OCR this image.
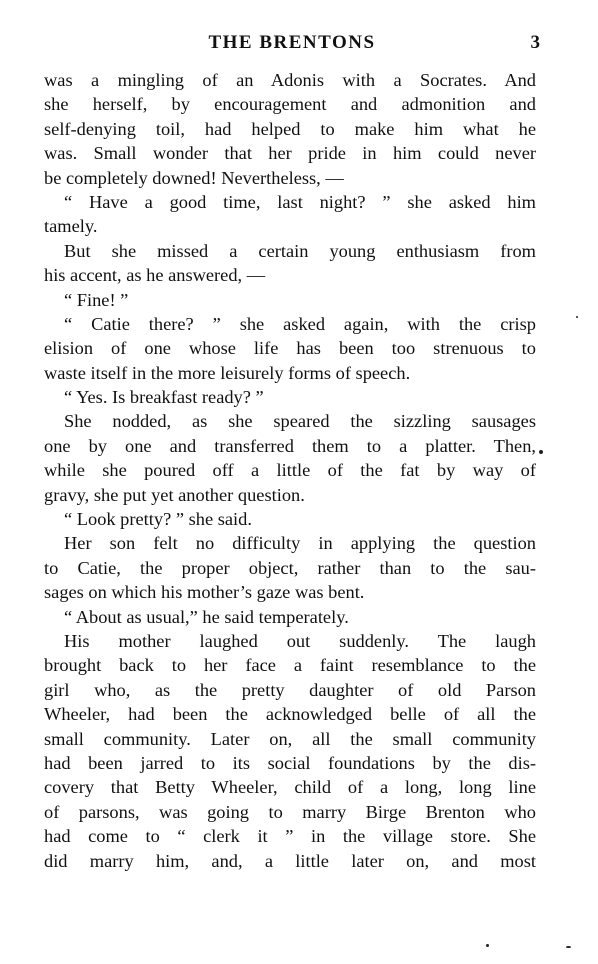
THE BRENTONS	3
was a mingling of an Adonis with a Socrates. And
she herself, by encouragement and admonition and
self-denying toil, had helped to make him what he
was. Small wonder that her pride in him could never
be completely downed! Nevertheless, —
“ Have a good time, last night? ” she asked him
tamely.
But she missed a certain young enthusiasm from
his accent, as he answered, —
“ Fine! ”
“ Catie there? ” she asked again, with the crisp
elision of one whose life has been too strenuous to
waste itself in the more leisurely forms of speech.
“ Yes. Is breakfast ready? ”
She nodded, as she speared the sizzling sausages
one by one and transferred them to a platter. Then,
while she poured off a little of the fat by way of
gravy, she put yet another question.
“ Look pretty? ” she said.
Her son felt no difficulty in applying the question
to Catie, the proper object, rather than to the sau-
sages on which his mother’s gaze was bent.
“ About as usual,” he said temperately.
His mother laughed out suddenly. The laugh
brought back to her face a faint resemblance to the
girl who, as the pretty daughter of old Parson
Wheeler, had been the acknowledged belle of all the
small community. Later on, all the small community
had been jarred to its social foundations by the dis-
covery that Betty Wheeler, child of a long, long line
of parsons, was going to marry Birge Brenton who
had come to “ clerk it ” in the village store. She
did marry him, and, a little later on, and most
